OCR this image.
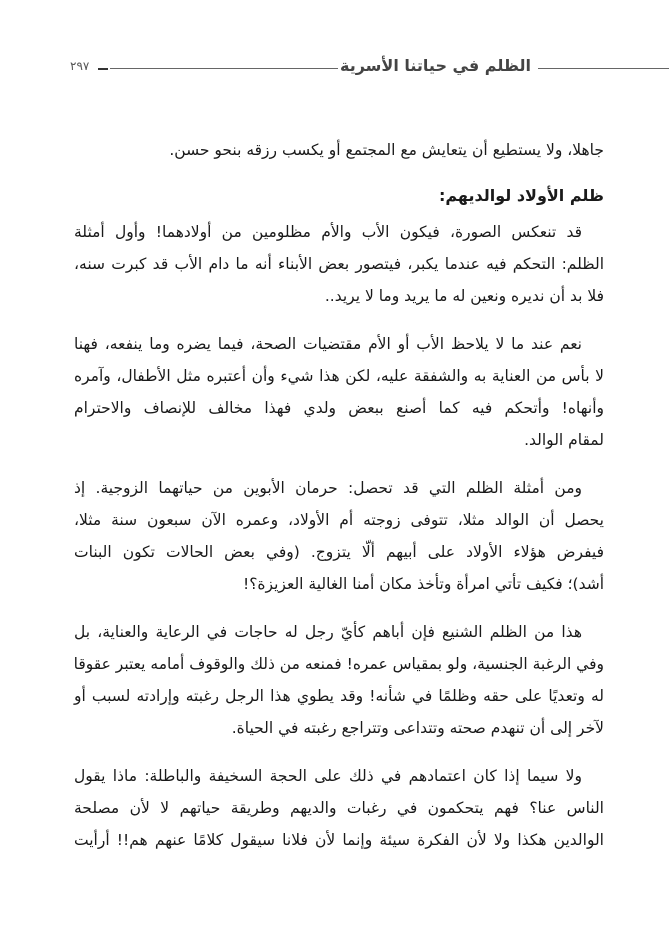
٢٩٧	الظلم في حياتنا الأسرية
جاهلا، ولا يستطيع أن يتعايش مع المجتمع أو يكسب رزقه بنحو حسن.
ظلم الأولاد لوالديهم:
قد تنعكس الصورة، فيكون الأب والأم مظلومين من أولادهما! وأول أمثلة
الظلم: التحكم فيه عندما يكبر، فيتصور بعض الأبناء أنه ما دام الأب قد كبرت سنه،
فلا بد أن نديره ونعين له ما يريد وما لا يريد..
نعم عند ما لا يلاحظ الأب أو الأم مقتضيات الصحة، فيما يضره وما ينفعه، فهنا
لا بأس من العناية به والشفقة عليه، لكن هذا شيء وأن أعتبره مثل الأطفال، وآمره
وأنهاه! وأتحكم فيه كما أصنع ببعض ولدي فهذا مخالف للإنصاف والاحترام
لمقام الوالد.
ومن أمثلة الظلم التي قد تحصل: حرمان الأبوين من حياتهما الزوجية. إذ
يحصل أن الوالد مثلا، تتوفى زوجته أم الأولاد، وعمره الآن سبعون سنة مثلا،
فيفرض هؤلاء الأولاد على أبيهم ألّا يتزوج. (وفي بعض الحالات تكون البنات
أشد)؛ فكيف تأتي امرأة وتأخذ مكان أمنا الغالية العزيزة؟!
هذا من الظلم الشنيع فإن أباهم كأيّ رجل له حاجات في الرعاية والعناية، بل
وفي الرغبة الجنسية، ولو بمقياس عمره! فمنعه من ذلك والوقوف أمامه يعتبر عقوقا
له وتعديًا على حقه وظلمًا في شأنه! وقد يطوي هذا الرجل رغبته وإرادته لسبب أو
لآخر إلى أن تنهدم صحته وتتداعى وتتراجع رغبته في الحياة.
ولا سيما إذا كان اعتمادهم في ذلك على الحجة السخيفة والباطلة: ماذا يقول
الناس عنا؟ فهم يتحكمون في رغبات والديهم وطريقة حياتهم لا لأن مصلحة
الوالدين هكذا ولا لأن الفكرة سيئة وإنما لأن فلانا سيقول كلامًا عنهم هم!! أرأيت
